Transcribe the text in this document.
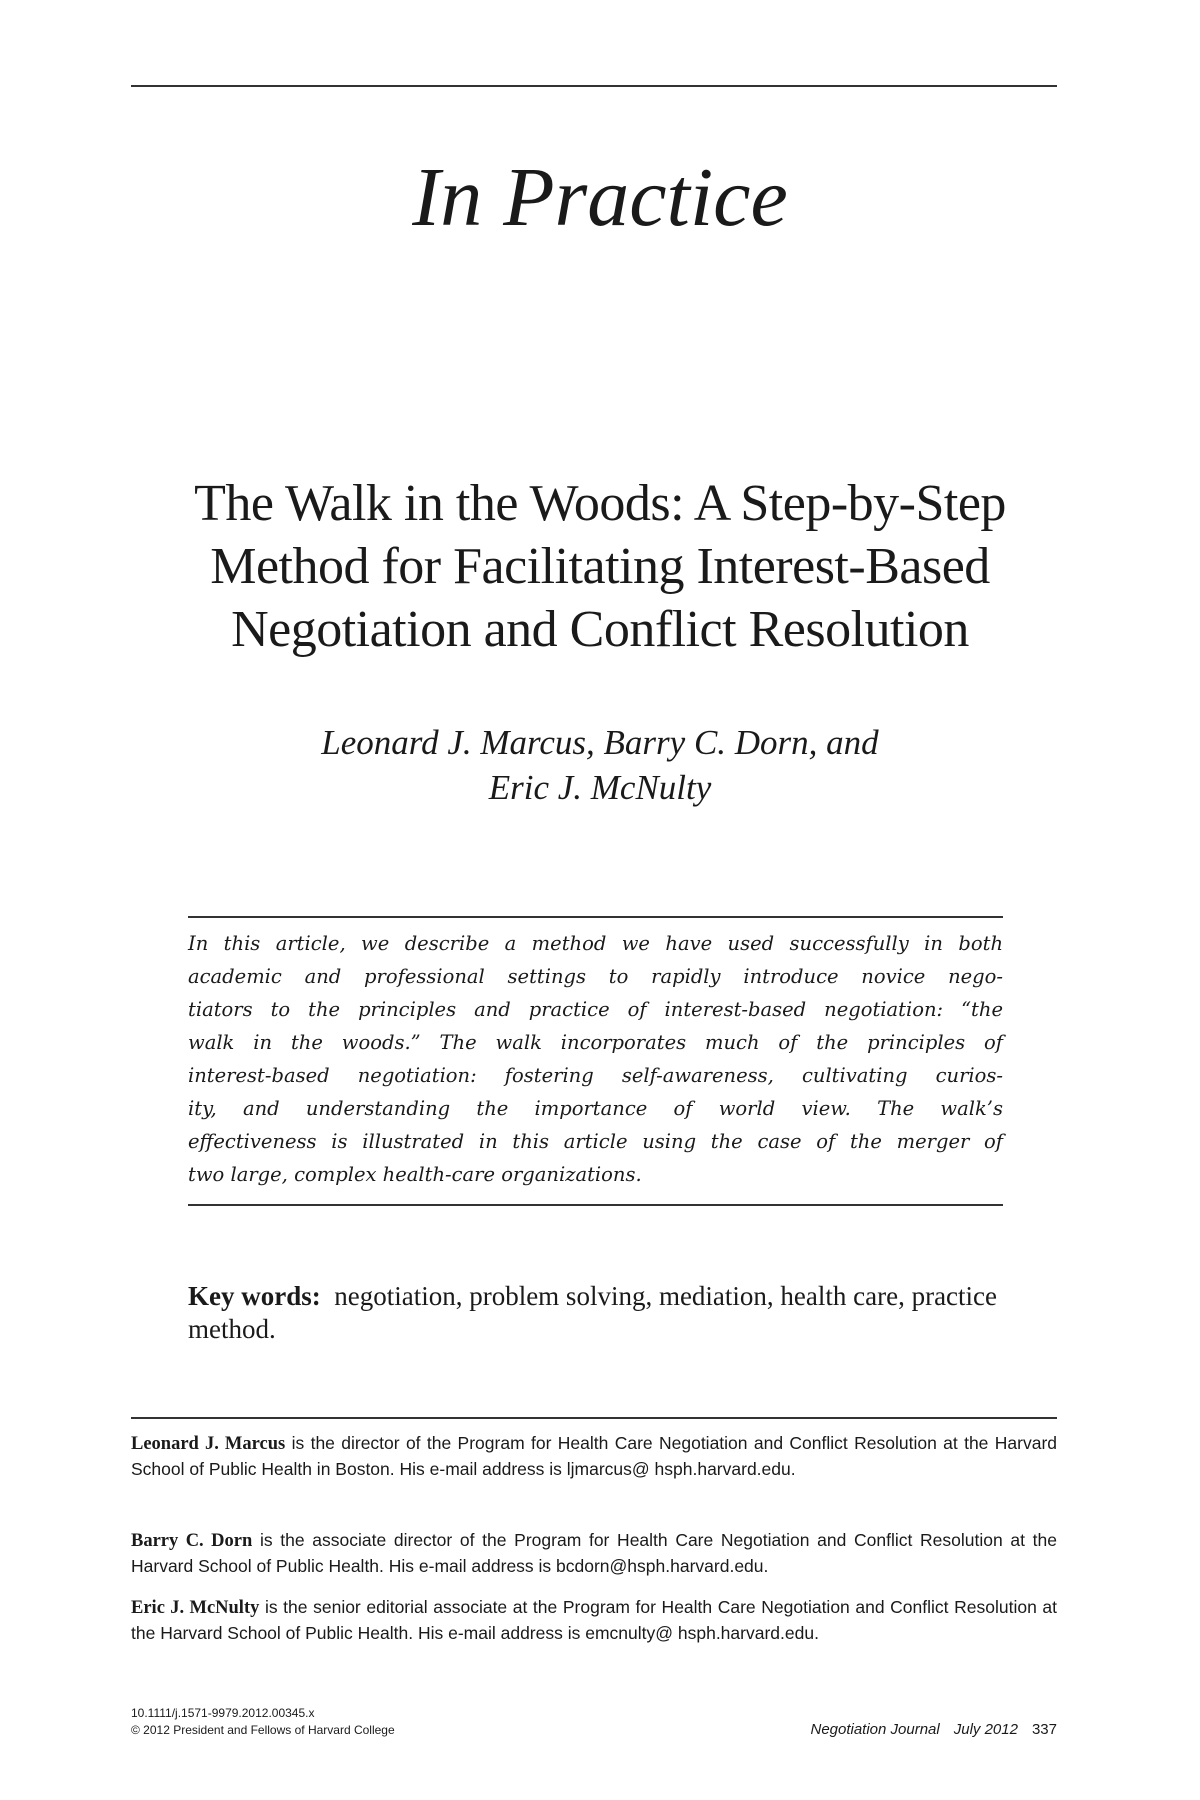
In Practice
The Walk in the Woods: A Step-by-Step
Method for Facilitating Interest-Based
Negotiation and Conflict Resolution
Leonard J. Marcus, Barry C. Dorn, and
Eric J. McNulty
In this article, we describe a method we have used successfully in both
academic and professional settings to rapidly introduce novice nego-
tiators to the principles and practice of interest-based negotiation: “the
walk in the woods.” The walk incorporates much of the principles of
interest-based negotiation: fostering self-awareness, cultivating curios-
ity, and understanding the importance of world view. The walk’s
effectiveness is illustrated in this article using the case of the merger of
two large, complex health-care organizations.
Key words: negotiation, problem solving, mediation, health care, practice method.
Leonard J. Marcus is the director of the Program for Health Care Negotiation and Conflict Resolution at the Harvard School of Public Health in Boston. His e-mail address is ljmarcus@ hsph.harvard.edu.
Barry C. Dorn is the associate director of the Program for Health Care Negotiation and Conflict Resolution at the Harvard School of Public Health. His e-mail address is bcdorn@hsph.harvard.edu.
Eric J. McNulty is the senior editorial associate at the Program for Health Care Negotiation and Conflict Resolution at the Harvard School of Public Health. His e-mail address is emcnulty@ hsph.harvard.edu.
10.1111/j.1571-9979.2012.00345.x
© 2012 President and Fellows of Harvard College	Negotiation Journal July 2012 337
